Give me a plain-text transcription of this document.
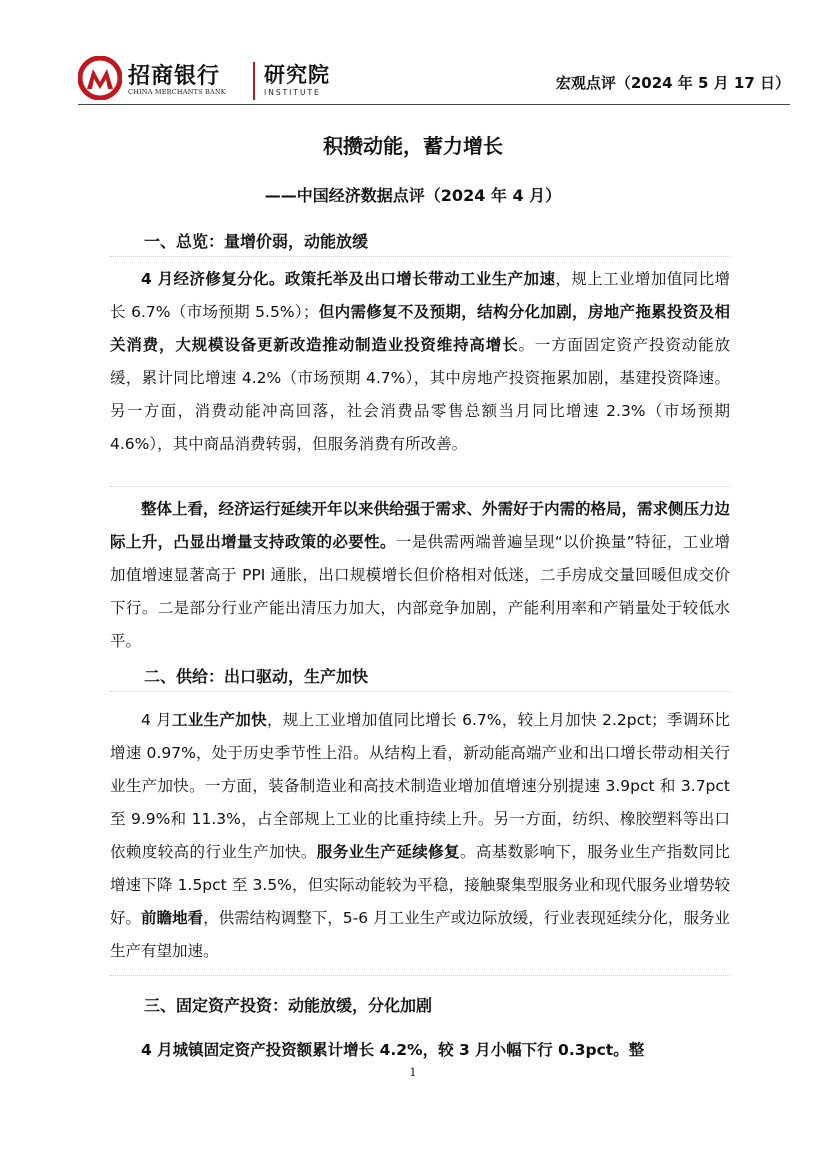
招商银行
CHINA MERCHANTS BANK
研究院
INSTITUTE
宏观点评（2024 年 5 月 17 日）
积攒动能，蓄力增长
——中国经济数据点评（2024 年 4 月）
一、总览：量增价弱，动能放缓

4 月经济修复分化。政策托举及出口增长带动工业生产加速，规上工业增加值同比增长 6.7%（市场预期 5.5%）；但内需修复不及预期，结构分化加剧，房地产拖累投资及相关消费，大规模设备更新改造推动制造业投资维持高增长。一方面固定资产投资动能放缓，累计同比增速 4.2%（市场预期 4.7%），其中房地产投资拖累加剧，基建投资降速。另一方面，消费动能冲高回落，社会消费品零售总额当月同比增速 2.3%（市场预期 4.6%），其中商品消费转弱，但服务消费有所改善。

整体上看，经济运行延续开年以来供给强于需求、外需好于内需的格局，需求侧压力边际上升，凸显出增量支持政策的必要性。一是供需两端普遍呈现“以价换量”特征，工业增加值增速显著高于 PPI 通胀，出口规模增长但价格相对低迷，二手房成交量回暖但成交价下行。二是部分行业产能出清压力加大，内部竞争加剧，产能利用率和产销量处于较低水平。

二、供给：出口驱动，生产加快

4 月工业生产加快，规上工业增加值同比增长 6.7%，较上月加快 2.2pct；季调环比增速 0.97%，处于历史季节性上沿。从结构上看，新动能高端产业和出口增长带动相关行业生产加快。一方面，装备制造业和高技术制造业增加值增速分别提速 3.9pct 和 3.7pct 至 9.9%和 11.3%，占全部规上工业的比重持续上升。另一方面，纺织、橡胶塑料等出口依赖度较高的行业生产加快。服务业生产延续修复。高基数影响下，服务业生产指数同比增速下降 1.5pct 至 3.5%，但实际动能较为平稳，接触聚集型服务业和现代服务业增势较好。前瞻地看，供需结构调整下，5-6 月工业生产或边际放缓，行业表现延续分化，服务业生产有望加速。

三、固定资产投资：动能放缓，分化加剧

4 月城镇固定资产投资额累计增长 4.2%，较 3 月小幅下行 0.3pct。整

1
